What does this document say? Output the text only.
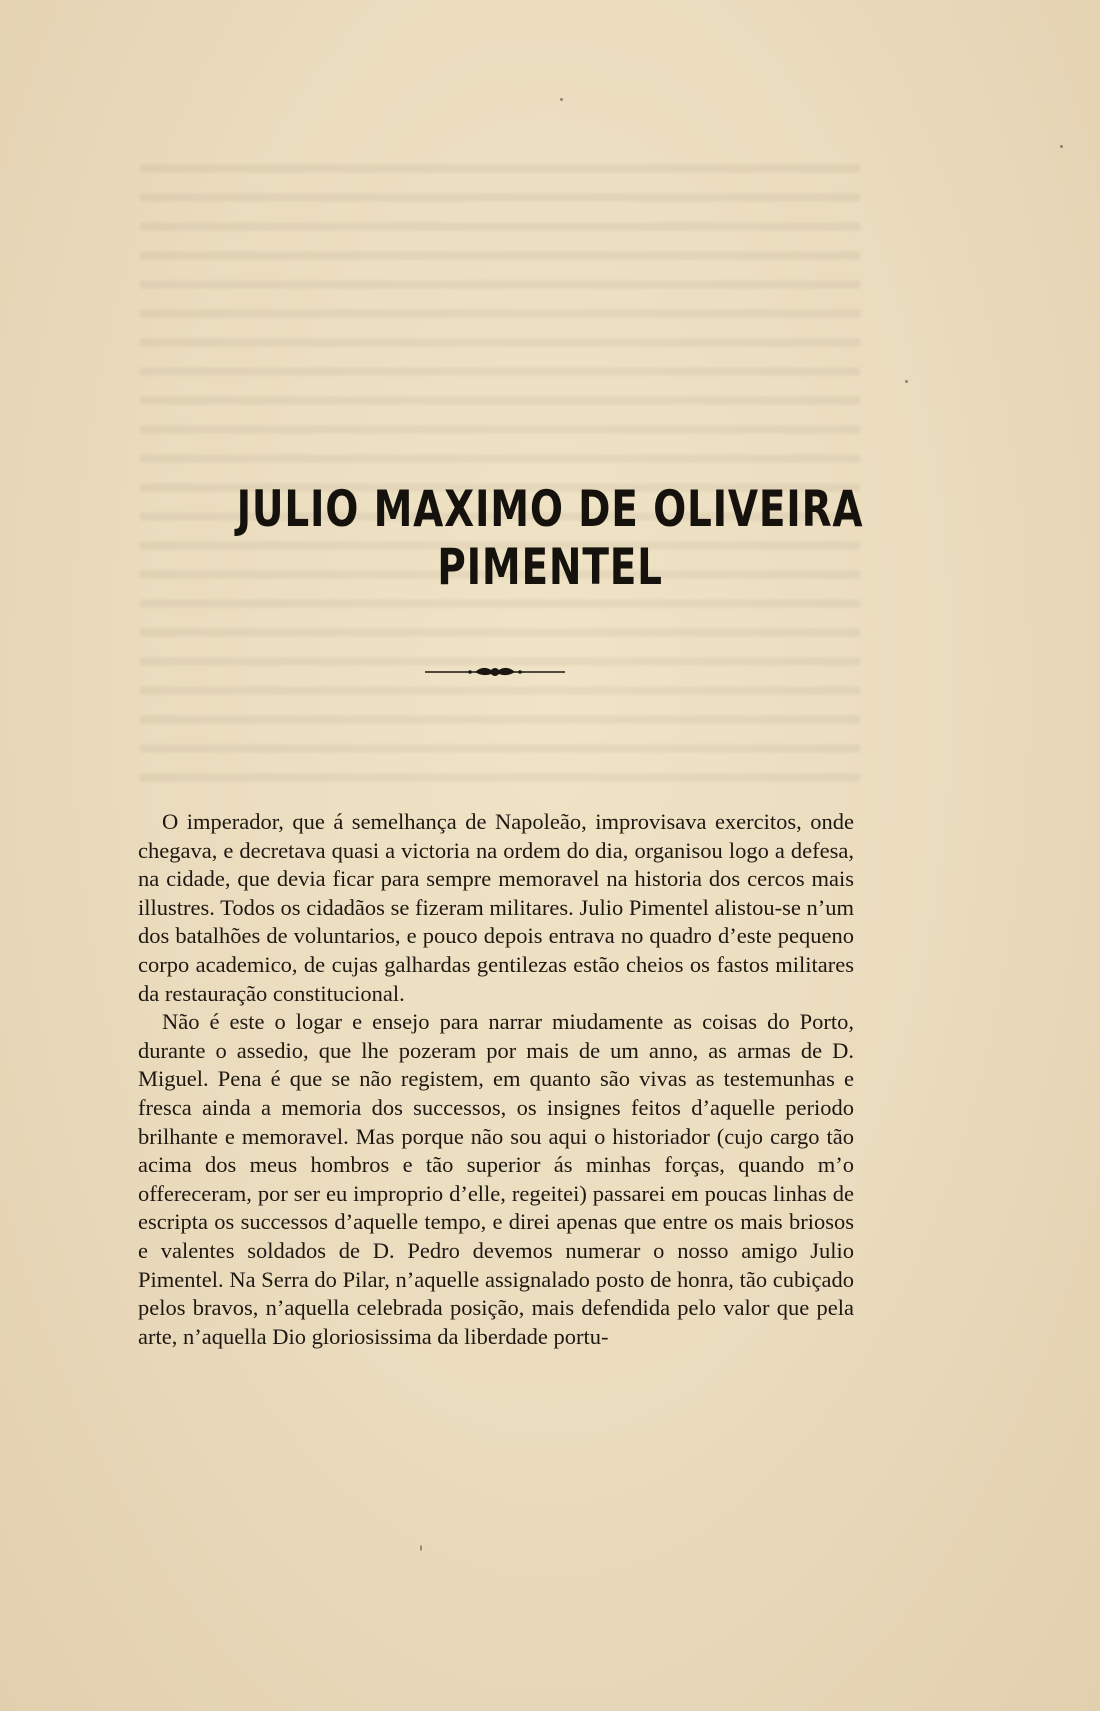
JULIO MAXIMO DE OLIVEIRA PIMENTEL

O imperador, que á semelhança de Napoleão, improvisava exercitos, onde chegava, e decretava quasi a victoria na ordem do dia, organisou logo a defesa, na cidade, que devia ficar para sempre memoravel na historia dos cercos mais illustres. Todos os cidadãos se fizeram militares. Julio Pimentel alistou-se n’um dos batalhões de voluntarios, e pouco depois entrava no quadro d’este pequeno corpo academico, de cujas galhardas gentilezas estão cheios os fastos militares da restauração constitucional.

Não é este o logar e ensejo para narrar miudamente as coisas do Porto, durante o assedio, que lhe pozeram por mais de um anno, as armas de D. Miguel. Pena é que se não registem, em quanto são vivas as testemunhas e fresca ainda a memoria dos successos, os insignes feitos d’aquelle periodo brilhante e memoravel. Mas porque não sou aqui o historiador (cujo cargo tão acima dos meus hombros e tão superior ás minhas forças, quando m’o offereceram, por ser eu improprio d’elle, regeitei) passarei em poucas linhas de escripta os successos d’aquelle tempo, e direi apenas que entre os mais briosos e valentes soldados de D. Pedro devemos numerar o nosso amigo Julio Pimentel. Na Serra do Pilar, n’aquelle assignalado posto de honra, tão cubiçado pelos bravos, n’aquella celebrada posição, mais defendida pelo valor que pela arte, n’aquella Dio gloriosissima da liberdade portu-
